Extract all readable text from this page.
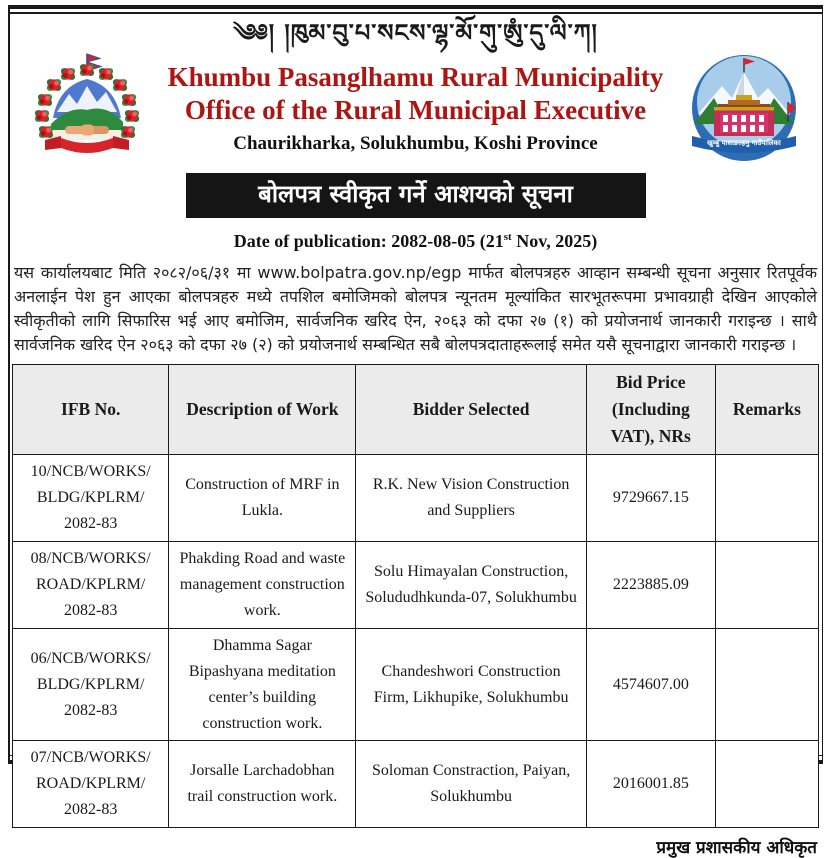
༄༅། །ཁུམ་བུ་པ་སངས་ལྷ་མོ་གུ་ཨུཾ་དུ་ལི་ཀ།
Khumbu Pasanglhamu Rural Municipality
Office of the Rural Municipal Executive
Chaurikharka, Solukhumbu, Koshi Province	खुम्बु पासाङल्हमु गाउँपालिका
बोलपत्र स्वीकृत गर्ने आशयको सूचना
Date of publication: 2082-08-05 (21st Nov, 2025)
यस कार्यालयबाट मिति २०८२/०६/३१ मा www.bolpatra.gov.np/egp मार्फत बोलपत्रहरु आव्हान सम्बन्धी सूचना अनुसार रितपूर्वक अनलाईन पेश हुन आएका बोलपत्रहरु मध्ये तपशिल बमोजिमको बोलपत्र न्यूनतम मूल्यांकित सारभूतरूपमा प्रभावग्राही देखिन आएकोले स्वीकृतीको लागि सिफारिस भई आए बमोजिम, सार्वजनिक खरिद ऐन, २०६३ को दफा २७ (१) को प्रयोजनार्थ जानकारी गराइन्छ । साथै सार्वजनिक खरिद ऐन २०६३ को दफा २७ (२) को प्रयोजनार्थ सम्बन्धित सबै बोलपत्रदाताहरूलाई समेत यसै सूचनाद्वारा जानकारी गराइन्छ ।
IFB No.	Description of Work	Bidder Selected	Bid Price (Including VAT), NRs	Remarks
10/NCB/WORKS/​BLDG/KPLRM/​2082-83	Construction of MRF in Lukla.	R.K. New Vision Construction and Suppliers	9729667.15	
08/NCB/WORKS/​ROAD/KPLRM/​2082-83	Phakding Road and waste management construction work.	Solu Himayalan Construction, Solududhkunda-07, Solukhumbu	2223885.09	
06/NCB/WORKS/​BLDG/KPLRM/​2082-83	Dhamma Sagar Bipashyana meditation center’s building construction work.	Chandeshwori Construction Firm, Likhupike, Solukhumbu	4574607.00	
07/NCB/WORKS/​ROAD/KPLRM/​2082-83	Jorsalle Larchadobhan trail construction work.	Soloman Constraction, Paiyan, Solukhumbu	2016001.85	
प्रमुख प्रशासकीय अधिकृत
